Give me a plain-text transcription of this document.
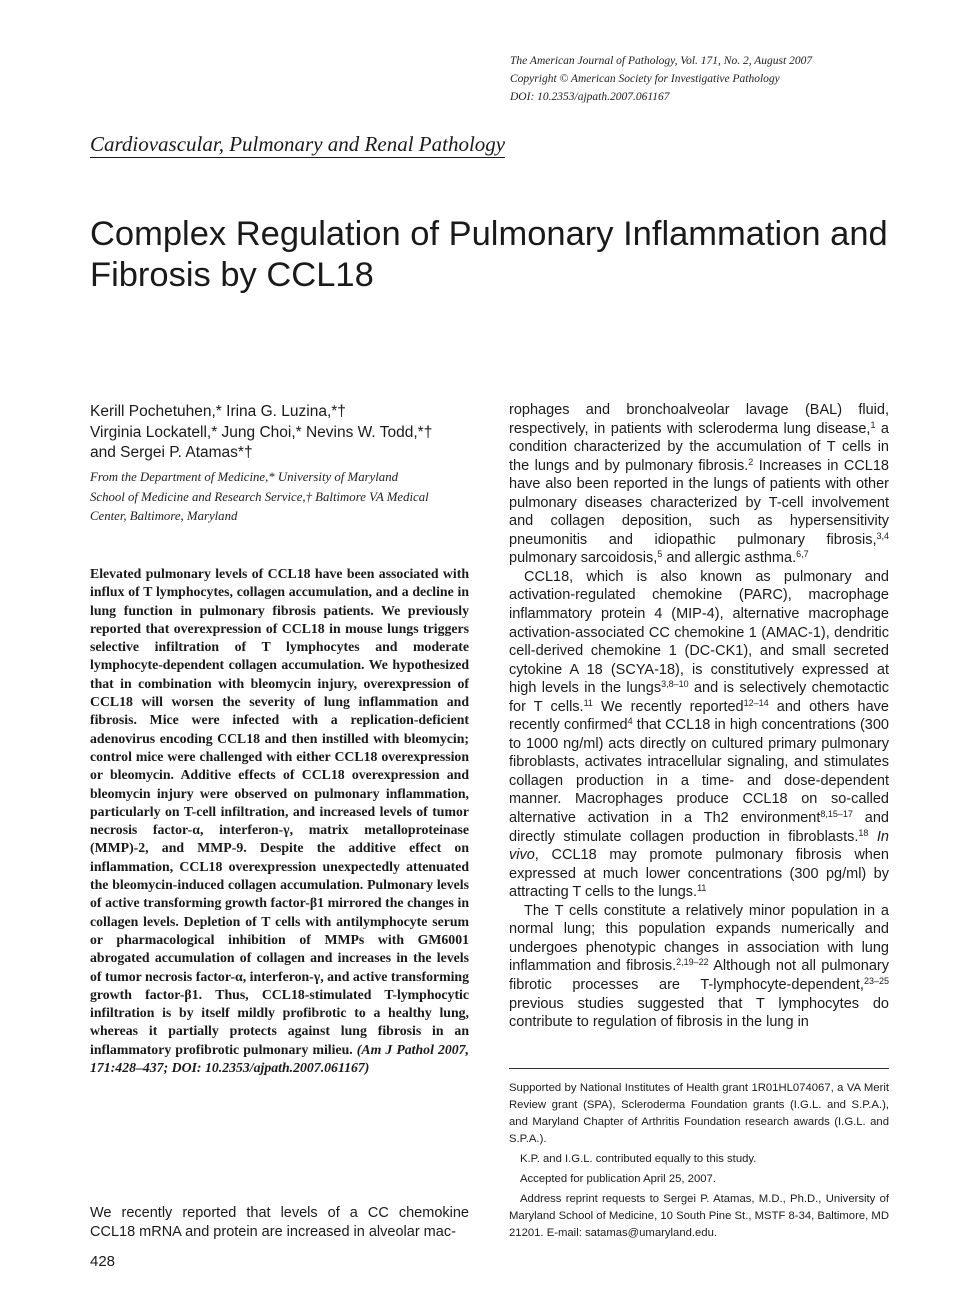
The American Journal of Pathology, Vol. 171, No. 2, August 2007
Copyright © American Society for Investigative Pathology
DOI: 10.2353/ajpath.2007.061167
Cardiovascular, Pulmonary and Renal Pathology
Complex Regulation of Pulmonary Inflammation and Fibrosis by CCL18
Kerill Pochetuhen,* Irina G. Luzina,*†
Virginia Lockatell,* Jung Choi,* Nevins W. Todd,*†
and Sergei P. Atamas*†
From the Department of Medicine,* University of Maryland
School of Medicine and Research Service,† Baltimore VA Medical
Center, Baltimore, Maryland
Elevated pulmonary levels of CCL18 have been associated with influx of T lymphocytes, collagen accumulation, and a decline in lung function in pulmonary fibrosis patients. We previously reported that overexpression of CCL18 in mouse lungs triggers selective infiltration of T lymphocytes and moderate lymphocyte-dependent collagen accumulation. We hypothesized that in combination with bleomycin injury, overexpression of CCL18 will worsen the severity of lung inflammation and fibrosis. Mice were infected with a replication-deficient adenovirus encoding CCL18 and then instilled with bleomycin; control mice were challenged with either CCL18 overexpression or bleomycin. Additive effects of CCL18 overexpression and bleomycin injury were observed on pulmonary inflammation, particularly on T-cell infiltration, and increased levels of tumor necrosis factor-α, interferon-γ, matrix metalloproteinase (MMP)-2, and MMP-9. Despite the additive effect on inflammation, CCL18 overexpression unexpectedly attenuated the bleomycin-induced collagen accumulation. Pulmonary levels of active transforming growth factor-β1 mirrored the changes in collagen levels. Depletion of T cells with antilymphocyte serum or pharmacological inhibition of MMPs with GM6001 abrogated accumulation of collagen and increases in the levels of tumor necrosis factor-α, interferon-γ, and active transforming growth factor-β1. Thus, CCL18-stimulated T-lymphocytic infiltration is by itself mildly profibrotic to a healthy lung, whereas it partially protects against lung fibrosis in an inflammatory profibrotic pulmonary milieu. (Am J Pathol 2007, 171:428–437; DOI: 10.2353/ajpath.2007.061167)
We recently reported that levels of a CC chemokine CCL18 mRNA and protein are increased in alveolar mac-

rophages and bronchoalveolar lavage (BAL) fluid, respectively, in patients with scleroderma lung disease,$^1$ a condition characterized by the accumulation of T cells in the lungs and by pulmonary fibrosis.$^2$ Increases in CCL18 have also been reported in the lungs of patients with other pulmonary diseases characterized by T-cell involvement and collagen deposition, such as hypersensitivity pneumonitis and idiopathic pulmonary fibrosis,$^{3,4}$ pulmonary sarcoidosis,$^5$ and allergic asthma.$^{6,7}$

CCL18, which is also known as pulmonary and activation-regulated chemokine (PARC), macrophage inflammatory protein 4 (MIP-4), alternative macrophage activation-associated CC chemokine 1 (AMAC-1), dendritic cell-derived chemokine 1 (DC-CK1), and small secreted cytokine A 18 (SCYA-18), is constitutively expressed at high levels in the lungs$^{3,8-10}$ and is selectively chemotactic for T cells.$^{11}$ We recently reported$^{12-14}$ and others have recently confirmed$^4$ that CCL18 in high concentrations (300 to 1000 ng/ml) acts directly on cultured primary pulmonary fibroblasts, activates intracellular signaling, and stimulates collagen production in a time- and dose-dependent manner. Macrophages produce CCL18 on so-called alternative activation in a Th2 environment$^{8,15-17}$ and directly stimulate collagen production in fibroblasts.$^{18}$ In vivo, CCL18 may promote pulmonary fibrosis when expressed at much lower concentrations (300 pg/ml) by attracting T cells to the lungs.$^{11}$

The T cells constitute a relatively minor population in a normal lung; this population expands numerically and undergoes phenotypic changes in association with lung inflammation and fibrosis.$^{2,19-22}$ Although not all pulmonary fibrotic processes are T-lymphocyte-dependent,$^{23-25}$ previous studies suggested that T lymphocytes do contribute to regulation of fibrosis in the lung in

Supported by National Institutes of Health grant 1R01HL074067, a VA Merit Review grant (SPA), Scleroderma Foundation grants (I.G.L. and S.P.A.), and Maryland Chapter of Arthritis Foundation research awards (I.G.L. and S.P.A.).

K.P. and I.G.L. contributed equally to this study.

Accepted for publication April 25, 2007.

Address reprint requests to Sergei P. Atamas, M.D., Ph.D., University of Maryland School of Medicine, 10 South Pine St., MSTF 8-34, Baltimore, MD 21201. E-mail: satamas@umaryland.edu.

428
